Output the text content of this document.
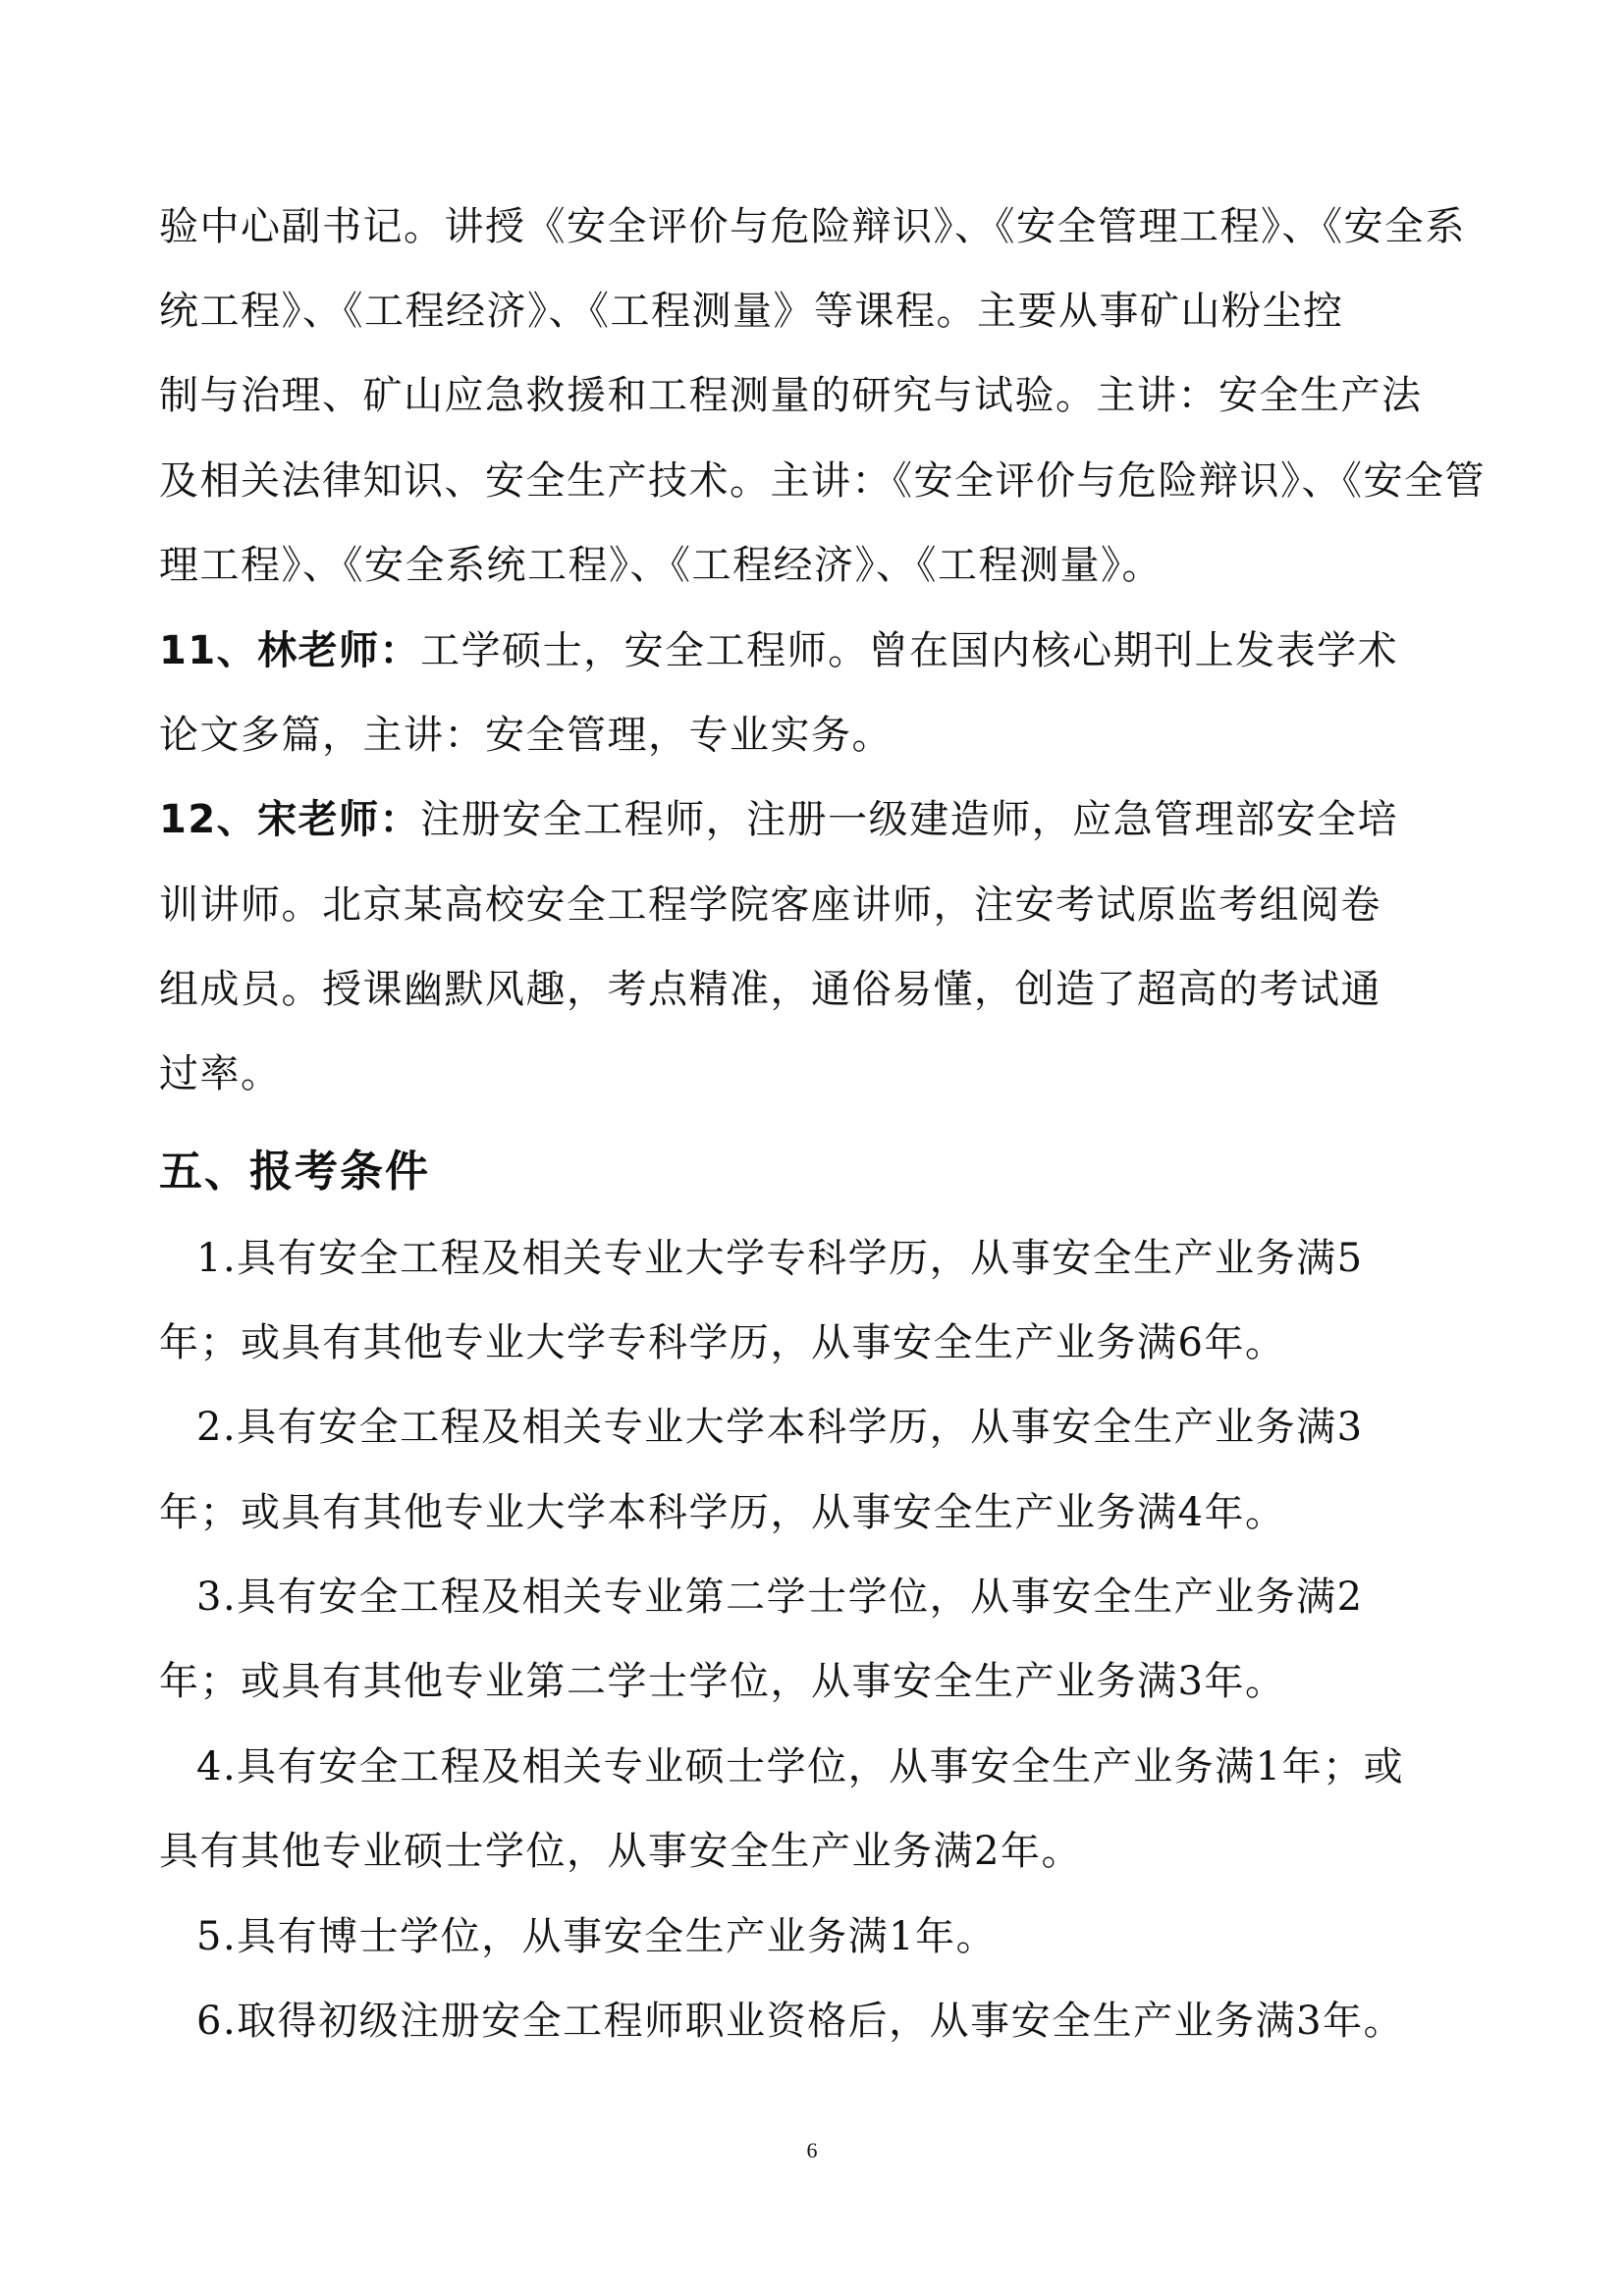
验中心副书记。讲授《安全评价与危险辩识》、《安全管理工程》、《安全系
统工程》、《工程经济》、《工程测量》等课程。主要从事矿山粉尘控
制与治理、矿山应急救援和工程测量的研究与试验。主讲：安全生产法
及相关法律知识、安全生产技术。主讲：《安全评价与危险辩识》、《安全管
理工程》、《安全系统工程》、《工程经济》、《工程测量》。
11、林老师：工学硕士，安全工程师。曾在国内核心期刊上发表学术
论文多篇，主讲：安全管理，专业实务。
12、宋老师：注册安全工程师，注册一级建造师，应急管理部安全培
训讲师。北京某高校安全工程学院客座讲师，注安考试原监考组阅卷
组成员。授课幽默风趣，考点精准，通俗易懂，创造了超高的考试通
过率。
五、报考条件
1.具有安全工程及相关专业大学专科学历，从事安全生产业务满5
年；或具有其他专业大学专科学历，从事安全生产业务满6年。
2.具有安全工程及相关专业大学本科学历，从事安全生产业务满3
年；或具有其他专业大学本科学历，从事安全生产业务满4年。
3.具有安全工程及相关专业第二学士学位，从事安全生产业务满2
年；或具有其他专业第二学士学位，从事安全生产业务满3年。
4.具有安全工程及相关专业硕士学位，从事安全生产业务满1年；或
具有其他专业硕士学位，从事安全生产业务满2年。
5.具有博士学位，从事安全生产业务满1年。
6.取得初级注册安全工程师职业资格后，从事安全生产业务满3年。
6
